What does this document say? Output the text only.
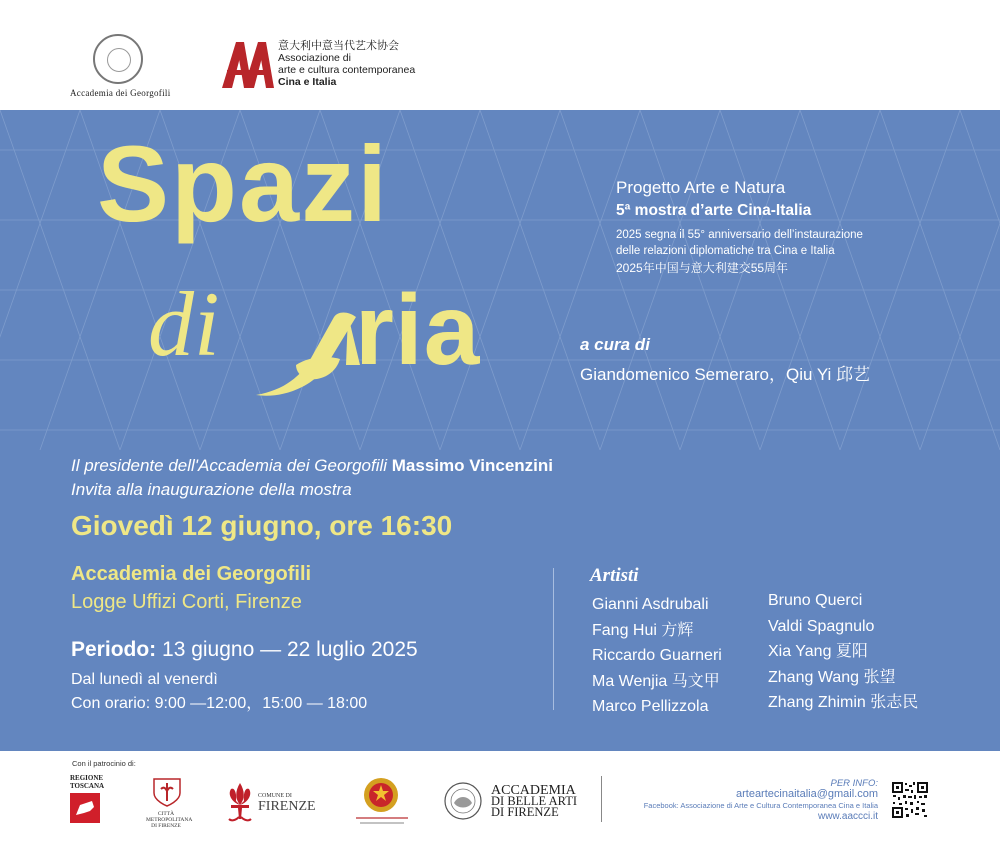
Accademia dei Georgofili
意大利中意当代艺术协会
Associazione di
arte e cultura contemporanea
Cina e Italia
Spazi
di ria
Progetto Arte e Natura
5ª mostra d’arte Cina-Italia
2025 segna il 55° anniversario dell’instaurazione
delle relazioni diplomatiche tra Cina e Italia
2025年中国与意大利建交55周年
a cura di
Giandomenico Semeraro，Qiu Yi 邱艺
Il presidente dell'Accademia dei Georgofili Massimo Vincenzini
Invita alla inaugurazione della mostra
Giovedì 12 giugno, ore 16:30
Accademia dei Georgofili
Logge Uffizi Corti, Firenze
Periodo: 13 giugno — 22 luglio 2025
Dal lunedì al venerdì
Con orario: 9:00 —12:00，15:00 — 18:00
Artisti
Gianni Asdrubali
Fang Hui 方辉
Riccardo Guarneri
Ma Wenjia 马文甲
Marco Pellizzola
Bruno Querci
Valdi Spagnulo
Xia Yang 夏阳
Zhang Wang 张望
Zhang Zhimin 张志民
Con il patrocinio di:
REGIONE
TOSCANA
CITTÀ METROPOLITANA
DI FIRENZE
COMUNE DI
FIRENZE
ACCADEMIA
DI BELLE ARTI
DI FIRENZE
PER INFO:
arteartecinaitalia@gmail.com
Facebook: Associazione di Arte e Cultura Contemporanea Cina e Italia
www.aaccci.it
